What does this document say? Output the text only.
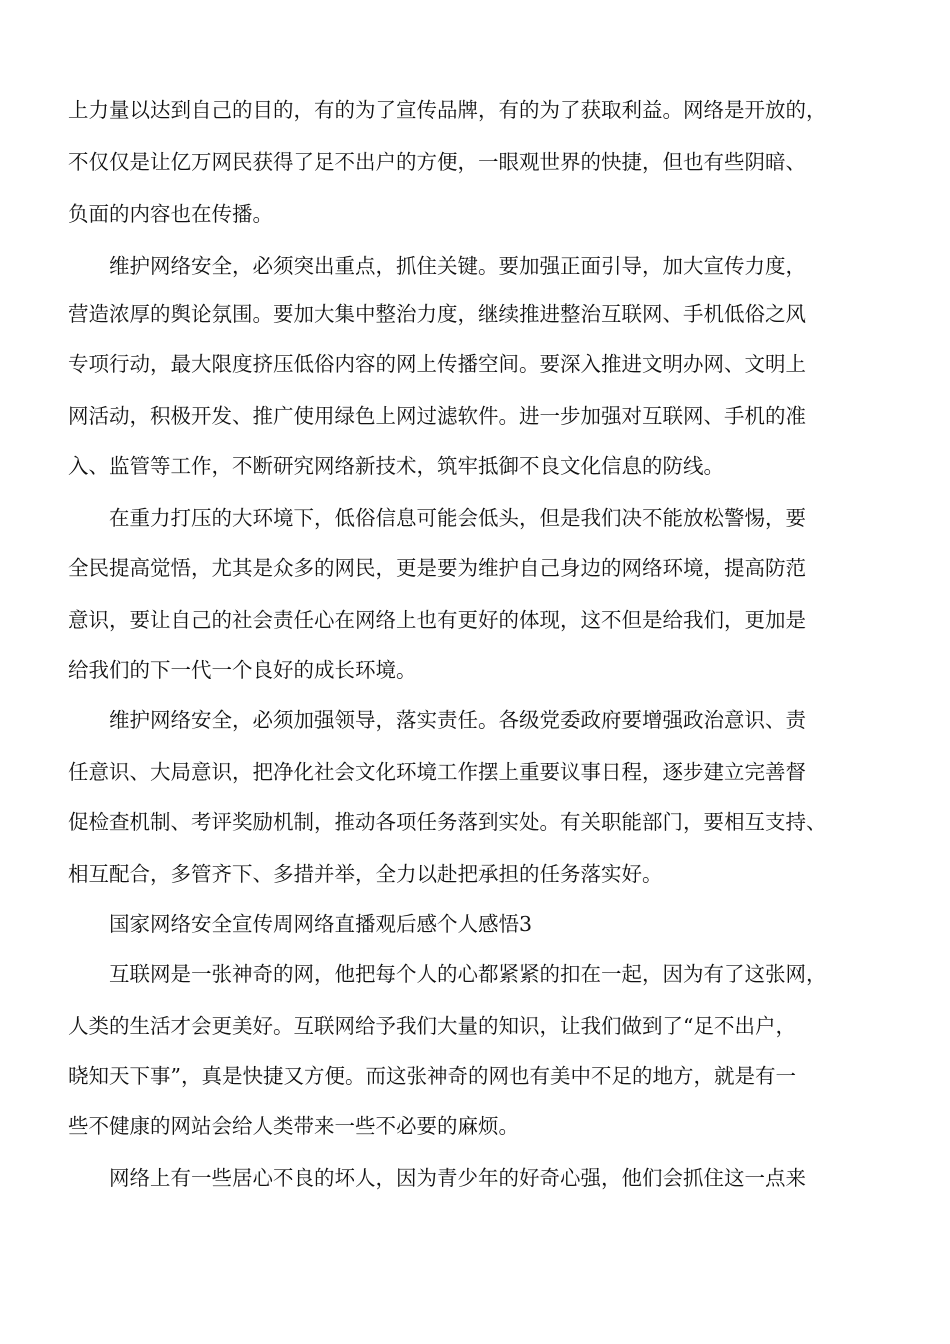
上力量以达到自己的目的，有的为了宣传品牌，有的为了获取利益。网络是开放的，
不仅仅是让亿万网民获得了足不出户的方便，一眼观世界的快捷，但也有些阴暗、
负面的内容也在传播。
　　维护网络安全，必须突出重点，抓住关键。要加强正面引导，加大宣传力度，
营造浓厚的舆论氛围。要加大集中整治力度，继续推进整治互联网、手机低俗之风
专项行动，最大限度挤压低俗内容的网上传播空间。要深入推进文明办网、文明上
网活动，积极开发、推广使用绿色上网过滤软件。进一步加强对互联网、手机的准
入、监管等工作，不断研究网络新技术，筑牢抵御不良文化信息的防线。
　　在重力打压的大环境下，低俗信息可能会低头，但是我们决不能放松警惕，要
全民提高觉悟，尤其是众多的网民，更是要为维护自己身边的网络环境，提高防范
意识，要让自己的社会责任心在网络上也有更好的体现，这不但是给我们，更加是
给我们的下一代一个良好的成长环境。
　　维护网络安全，必须加强领导，落实责任。各级党委政府要增强政治意识、责
任意识、大局意识，把净化社会文化环境工作摆上重要议事日程，逐步建立完善督
促检查机制、考评奖励机制，推动各项任务落到实处。有关职能部门，要相互支持、
相互配合，多管齐下、多措并举，全力以赴把承担的任务落实好。
　　国家网络安全宣传周网络直播观后感个人感悟3
　　互联网是一张神奇的网，他把每个人的心都紧紧的扣在一起，因为有了这张网，
人类的生活才会更美好。互联网给予我们大量的知识，让我们做到了“足不出户，
晓知天下事”，真是快捷又方便。而这张神奇的网也有美中不足的地方，就是有一
些不健康的网站会给人类带来一些不必要的麻烦。
　　网络上有一些居心不良的坏人，因为青少年的好奇心强，他们会抓住这一点来
